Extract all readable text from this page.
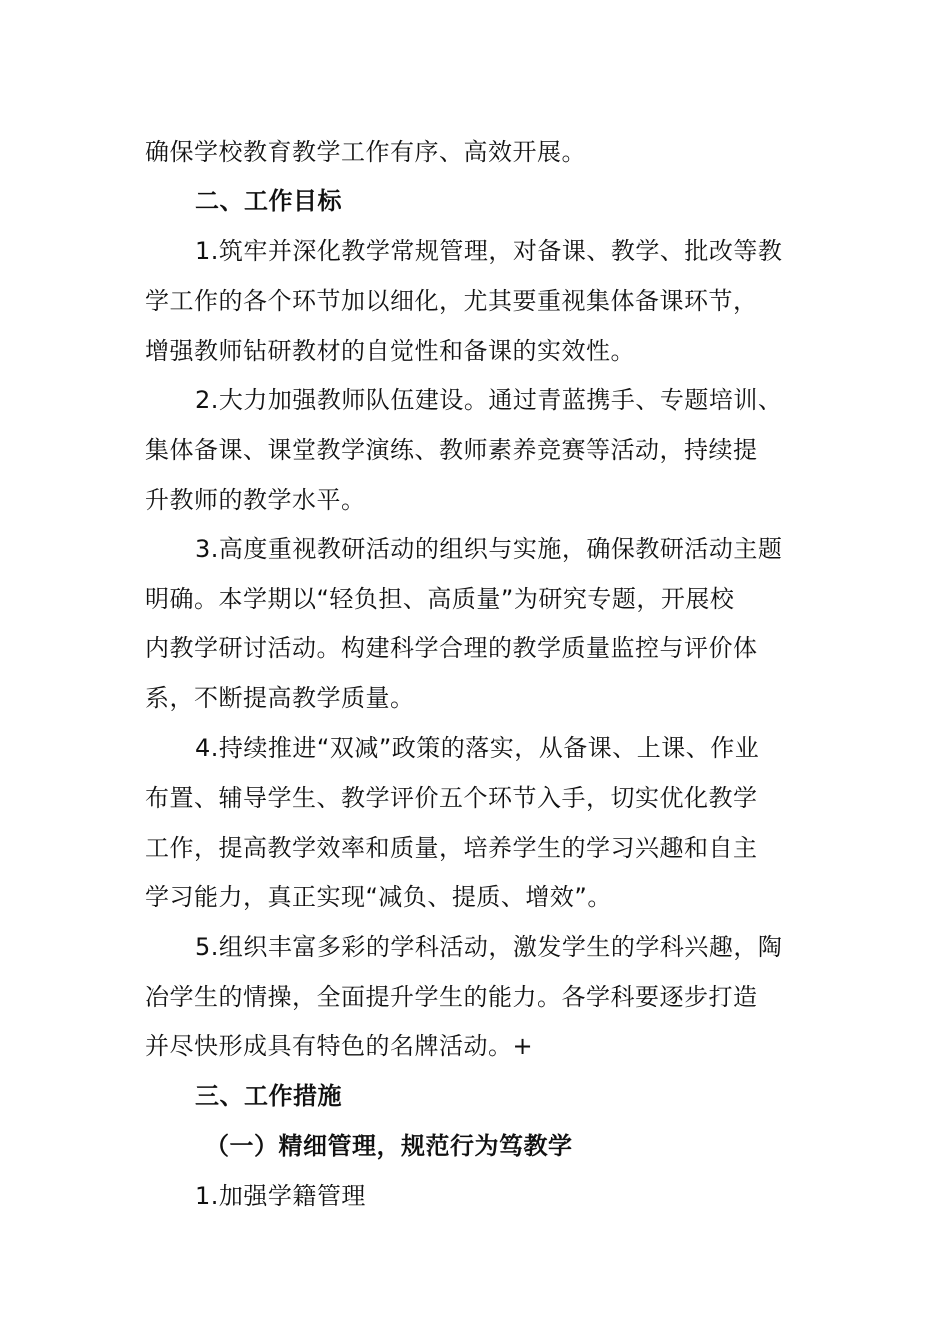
确保学校教育教学工作有序、高效开展。
二、工作目标
1.筑牢并深化教学常规管理，对备课、教学、批改等教
学工作的各个环节加以细化，尤其要重视集体备课环节，
增强教师钻研教材的自觉性和备课的实效性。
2.大力加强教师队伍建设。通过青蓝携手、专题培训、
集体备课、课堂教学演练、教师素养竞赛等活动，持续提
升教师的教学水平。
3.高度重视教研活动的组织与实施，确保教研活动主题
明确。本学期以“轻负担、高质量”为研究专题，开展校
内教学研讨活动。构建科学合理的教学质量监控与评价体
系，不断提高教学质量。
4.持续推进“双减”政策的落实，从备课、上课、作业
布置、辅导学生、教学评价五个环节入手，切实优化教学
工作，提高教学效率和质量，培养学生的学习兴趣和自主
学习能力，真正实现“减负、提质、增效”。
5.组织丰富多彩的学科活动，激发学生的学科兴趣，陶
冶学生的情操，全面提升学生的能力。各学科要逐步打造
并尽快形成具有特色的名牌活动。+
三、工作措施
（一）精细管理，规范行为笃教学
1.加强学籍管理
